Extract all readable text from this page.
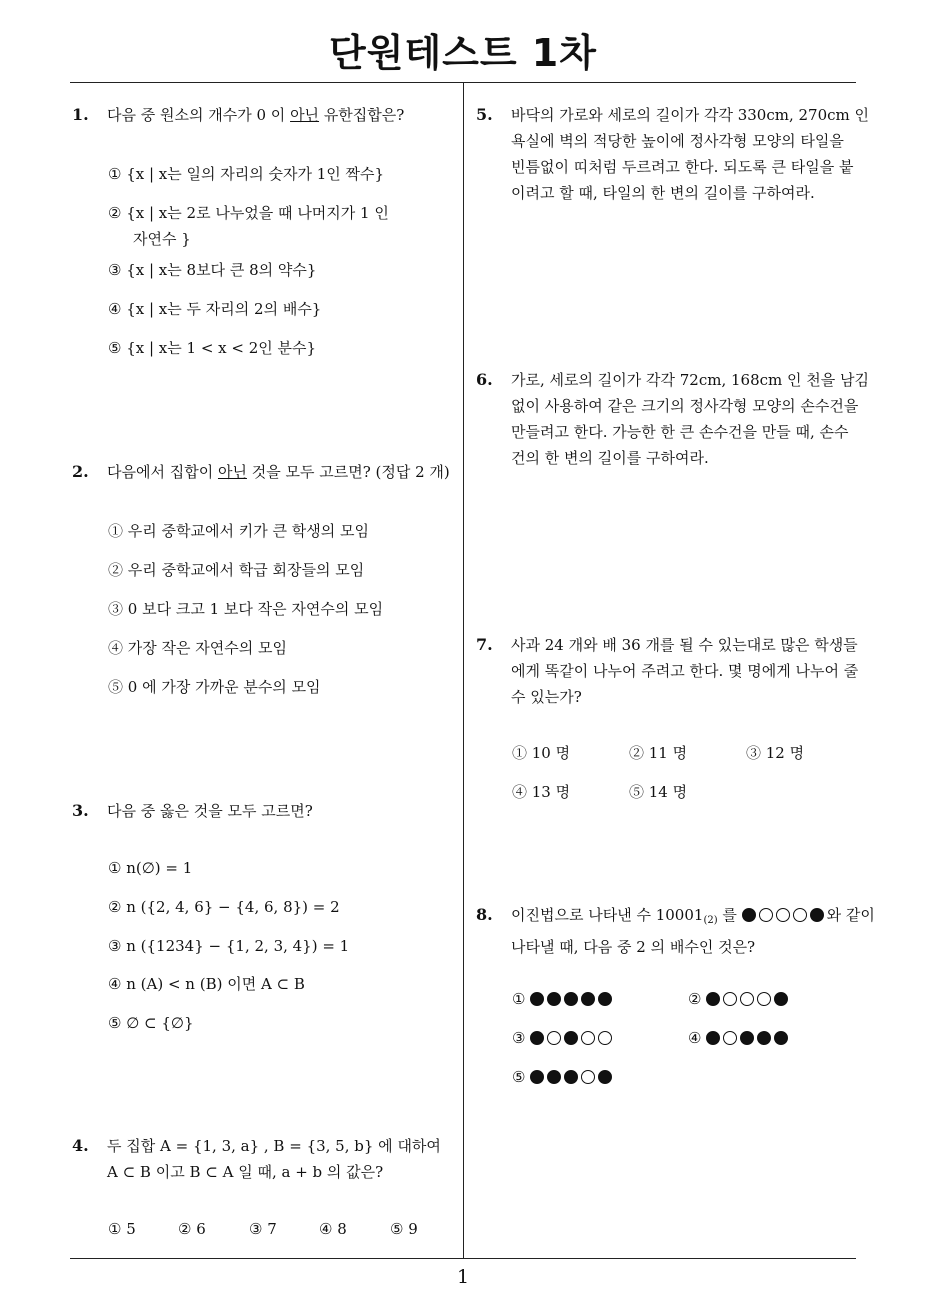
단원테스트 1차
1
1. 다음 중 원소의 개수가 0 이 아닌 유한집합은?
① {x | x는 일의 자리의 숫자가 1인 짝수}
② {x | x는 2로 나누었을 때 나머지가 1 인
자연수 }
③ {x | x는 8보다 큰 8의 약수}
④ {x | x는 두 자리의 2의 배수}
⑤ {x | x는 1 < x < 2인 분수}
2. 다음에서 집합이 아닌 것을 모두 고르면? (정답 2 개)
① 우리 중학교에서 키가 큰 학생의 모임
② 우리 중학교에서 학급 회장들의 모임
③ 0 보다 크고 1 보다 작은 자연수의 모임
④ 가장 작은 자연수의 모임
⑤ 0 에 가장 가까운 분수의 모임
3. 다음 중 옳은 것을 모두 고르면?
① n(∅) = 1
② n ({2, 4, 6} − {4, 6, 8}) = 2
③ n ({1234} − {1, 2, 3, 4}) = 1
④ n (A) < n (B) 이면 A ⊂ B
⑤ ∅ ⊂ {∅}
4. 두 집합 A = {1, 3, a} , B = {3, 5, b} 에 대하여
A ⊂ B 이고 B ⊂ A 일 때, a + b 의 값은?
① 5	② 6	③ 7	④ 8	⑤ 9
5. 바닥의 가로와 세로의 길이가 각각 330cm, 270cm 인
욕실에 벽의 적당한 높이에 정사각형 모양의 타일을
빈틈없이 띠처럼 두르려고 한다. 되도록 큰 타일을 붙
이려고 할 때, 타일의 한 변의 길이를 구하여라.
6. 가로, 세로의 길이가 각각 72cm, 168cm 인 천을 남김
없이 사용하여 같은 크기의 정사각형 모양의 손수건을
만들려고 한다. 가능한 한 큰 손수건을 만들 때, 손수
건의 한 변의 길이를 구하여라.
7. 사과 24 개와 배 36 개를 될 수 있는대로 많은 학생들
에게 똑같이 나누어 주려고 한다. 몇 명에게 나누어 줄
수 있는가?
① 10 명	② 11 명	③ 12 명
④ 13 명	⑤ 14 명
8. 이진법으로 나타낸 수 $10001_{(2)}$ 를	와 같이
나타낼 때, 다음 중 2 의 배수인 것은?
①	②
③	④
⑤
